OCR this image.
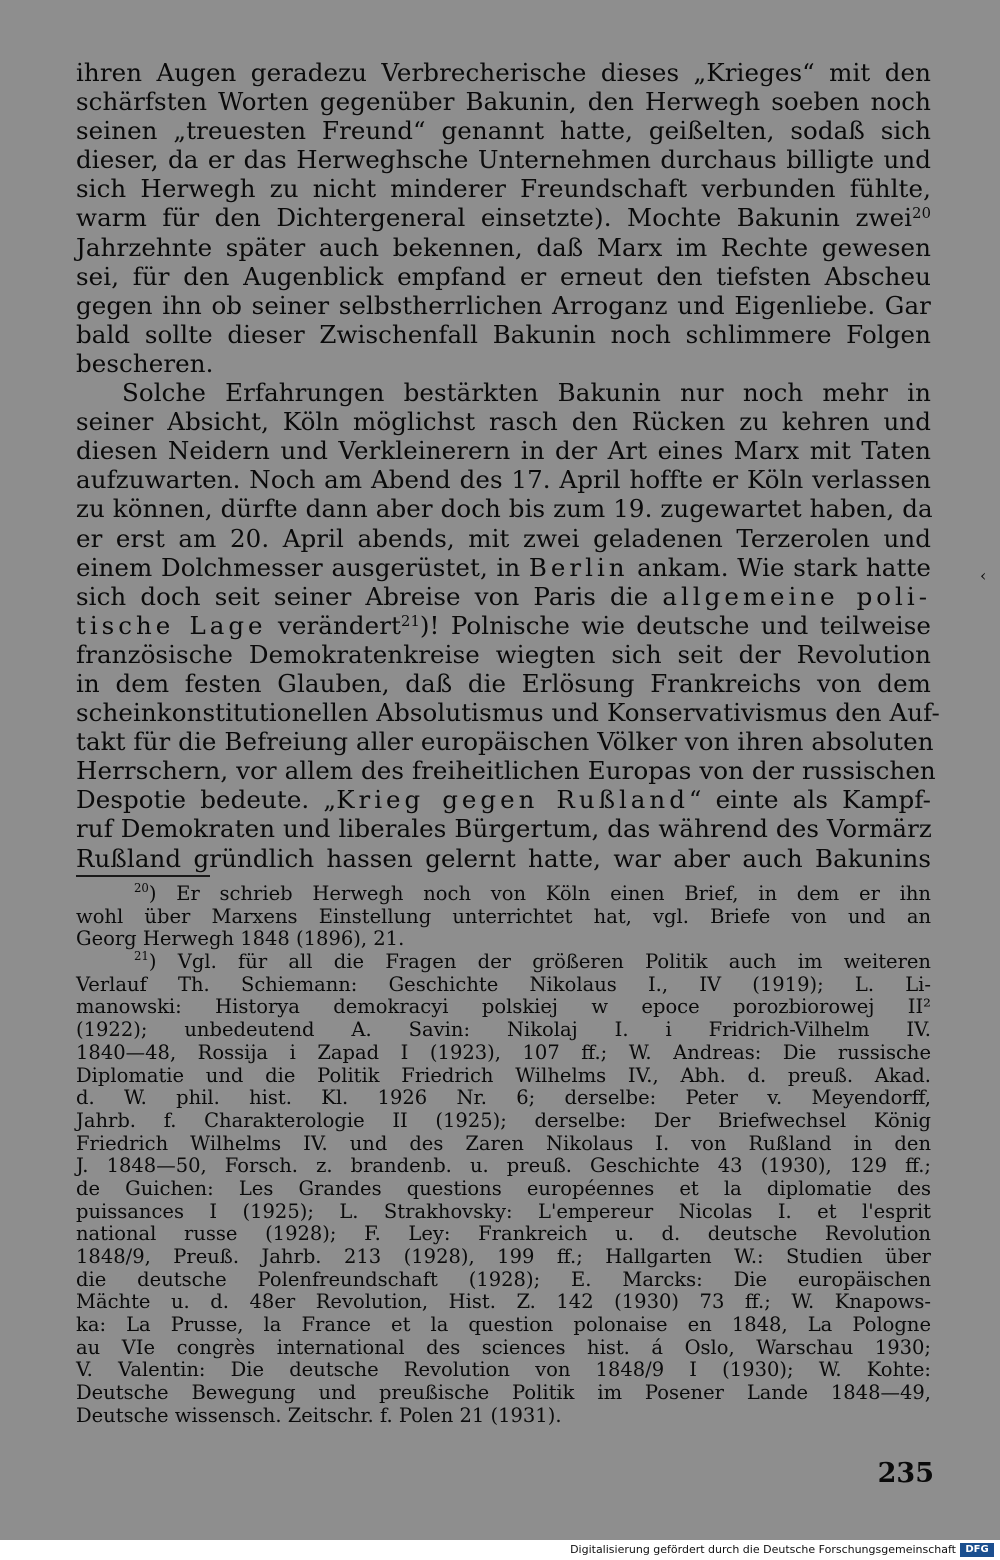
ihren Augen geradezu Verbrecherische dieses „Krieges“ mit den
schärfsten Worten gegenüber Bakunin, den Herwegh soeben noch
seinen „treuesten Freund“ genannt hatte, geißelten, sodaß sich
dieser, da er das Herweghsche Unternehmen durchaus billigte und
sich Herwegh zu nicht minderer Freundschaft verbunden fühlte,
warm für den Dichtergeneral einsetzte). Mochte Bakunin zwei$^{20}$
Jahrzehnte später auch bekennen, daß Marx im Rechte gewesen
sei, für den Augenblick empfand er erneut den tiefsten Abscheu
gegen ihn ob seiner selbstherrlichen Arroganz und Eigenliebe. Gar
bald sollte dieser Zwischenfall Bakunin noch schlimmere Folgen
bescheren.
Solche Erfahrungen bestärkten Bakunin nur noch mehr in
seiner Absicht, Köln möglichst rasch den Rücken zu kehren und
diesen Neidern und Verkleinerern in der Art eines Marx mit Taten
aufzuwarten. Noch am Abend des 17. April hoffte er Köln verlassen
zu können, dürfte dann aber doch bis zum 19. zugewartet haben, da
er erst am 20. April abends, mit zwei geladenen Terzerolen und
einem Dolchmesser ausgerüstet, in Berlin ankam. Wie stark hatte
sich doch seit seiner Abreise von Paris die allgemeine poli-
tische Lage verändert$^{21}$)! Polnische wie deutsche und teilweise
französische Demokratenkreise wiegten sich seit der Revolution
in dem festen Glauben, daß die Erlösung Frankreichs von dem
scheinkonstitutionellen Absolutismus und Konservativismus den Auf-
takt für die Befreiung aller europäischen Völker von ihren absoluten
Herrschern, vor allem des freiheitlichen Europas von der russischen
Despotie bedeute. „Krieg gegen Rußland“ einte als Kampf-
ruf Demokraten und liberales Bürgertum, das während des Vormärz
Rußland gründlich hassen gelernt hatte, war aber auch Bakunins
$^{20}$) Er schrieb Herwegh noch von Köln einen Brief, in dem er ihn
wohl über Marxens Einstellung unterrichtet hat, vgl. Briefe von und an
Georg Herwegh 1848 (1896), 21.
$^{21}$) Vgl. für all die Fragen der größeren Politik auch im weiteren
Verlauf Th. Schiemann: Geschichte Nikolaus I., IV (1919); L. Li-
manowski: Historya demokracyi polskiej w epoce porozbiorowej II²
(1922); unbedeutend A. Savin: Nikolaj I. i Fridrich-Vilhelm IV.
1840—48, Rossija i Zapad I (1923), 107 ff.; W. Andreas: Die russische
Diplomatie und die Politik Friedrich Wilhelms IV., Abh. d. preuß. Akad.
d. W. phil. hist. Kl. 1926 Nr. 6; derselbe: Peter v. Meyendorff,
Jahrb. f. Charakterologie II (1925); derselbe: Der Briefwechsel König
Friedrich Wilhelms IV. und des Zaren Nikolaus I. von Rußland in den
J. 1848—50, Forsch. z. brandenb. u. preuß. Geschichte 43 (1930), 129 ff.;
de Guichen: Les Grandes questions européennes et la diplomatie des
puissances I (1925); L. Strakhovsky: L'empereur Nicolas I. et l'esprit
national russe (1928); F. Ley: Frankreich u. d. deutsche Revolution
1848/9, Preuß. Jahrb. 213 (1928), 199 ff.; Hallgarten W.: Studien über
die deutsche Polenfreundschaft (1928); E. Marcks: Die europäischen
Mächte u. d. 48er Revolution, Hist. Z. 142 (1930) 73 ff.; W. Knapows-
ka: La Prusse, la France et la question polonaise en 1848, La Pologne
au VIe congrès international des sciences hist. á Oslo, Warschau 1930;
V. Valentin: Die deutsche Revolution von 1848/9 I (1930); W. Kohte:
Deutsche Bewegung und preußische Politik im Posener Lande 1848—49,
Deutsche wissensch. Zeitschr. f. Polen 21 (1931).
235
‹
Digitalisierung gefördert durch die Deutsche Forschungsgemeinschaft DFG
